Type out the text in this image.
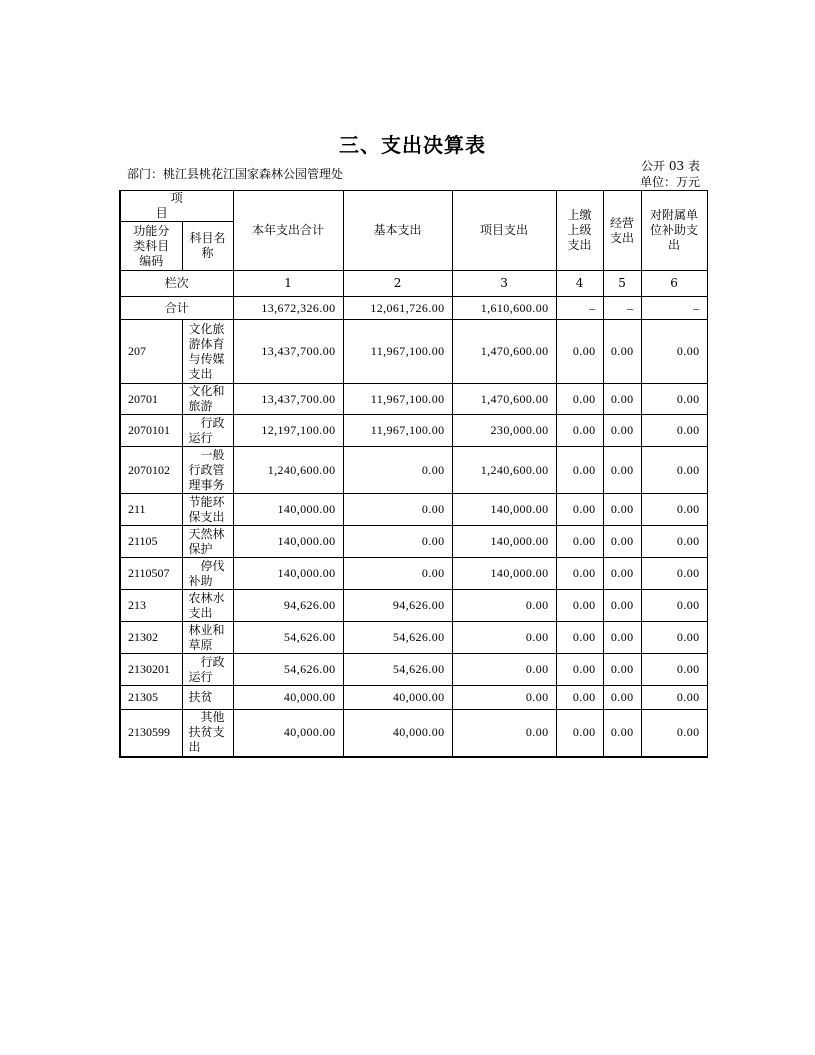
三、支出决算表
公开 03 表
部门：桃江县桃花江国家森林公园管理处
单位：万元
项目		本年支出合计	基本支出	项目支出	上缴上级支出	经营支出	对附属单位补助支出
功能分类科目编码	科目名称						
栏次		1	2	3	4	5	6
合计		13,672,326.00	12,061,726.00	1,610,600.00	–	–	–
207	文化旅游体育与传媒支出	13,437,700.00	11,967,100.00	1,470,600.00	0.00	0.00	0.00
20701	文化和旅游	13,437,700.00	11,967,100.00	1,470,600.00	0.00	0.00	0.00
2070101	行政运行	12,197,100.00	11,967,100.00	230,000.00	0.00	0.00	0.00
2070102	一般行政管理事务	1,240,600.00	0.00	1,240,600.00	0.00	0.00	0.00
211	节能环保支出	140,000.00	0.00	140,000.00	0.00	0.00	0.00
21105	天然林保护	140,000.00	0.00	140,000.00	0.00	0.00	0.00
2110507	停伐补助	140,000.00	0.00	140,000.00	0.00	0.00	0.00
213	农林水支出	94,626.00	94,626.00	0.00	0.00	0.00	0.00
21302	林业和草原	54,626.00	54,626.00	0.00	0.00	0.00	0.00
2130201	行政运行	54,626.00	54,626.00	0.00	0.00	0.00	0.00
21305	扶贫	40,000.00	40,000.00	0.00	0.00	0.00	0.00
2130599	其他扶贫支出	40,000.00	40,000.00	0.00	0.00	0.00	0.00
